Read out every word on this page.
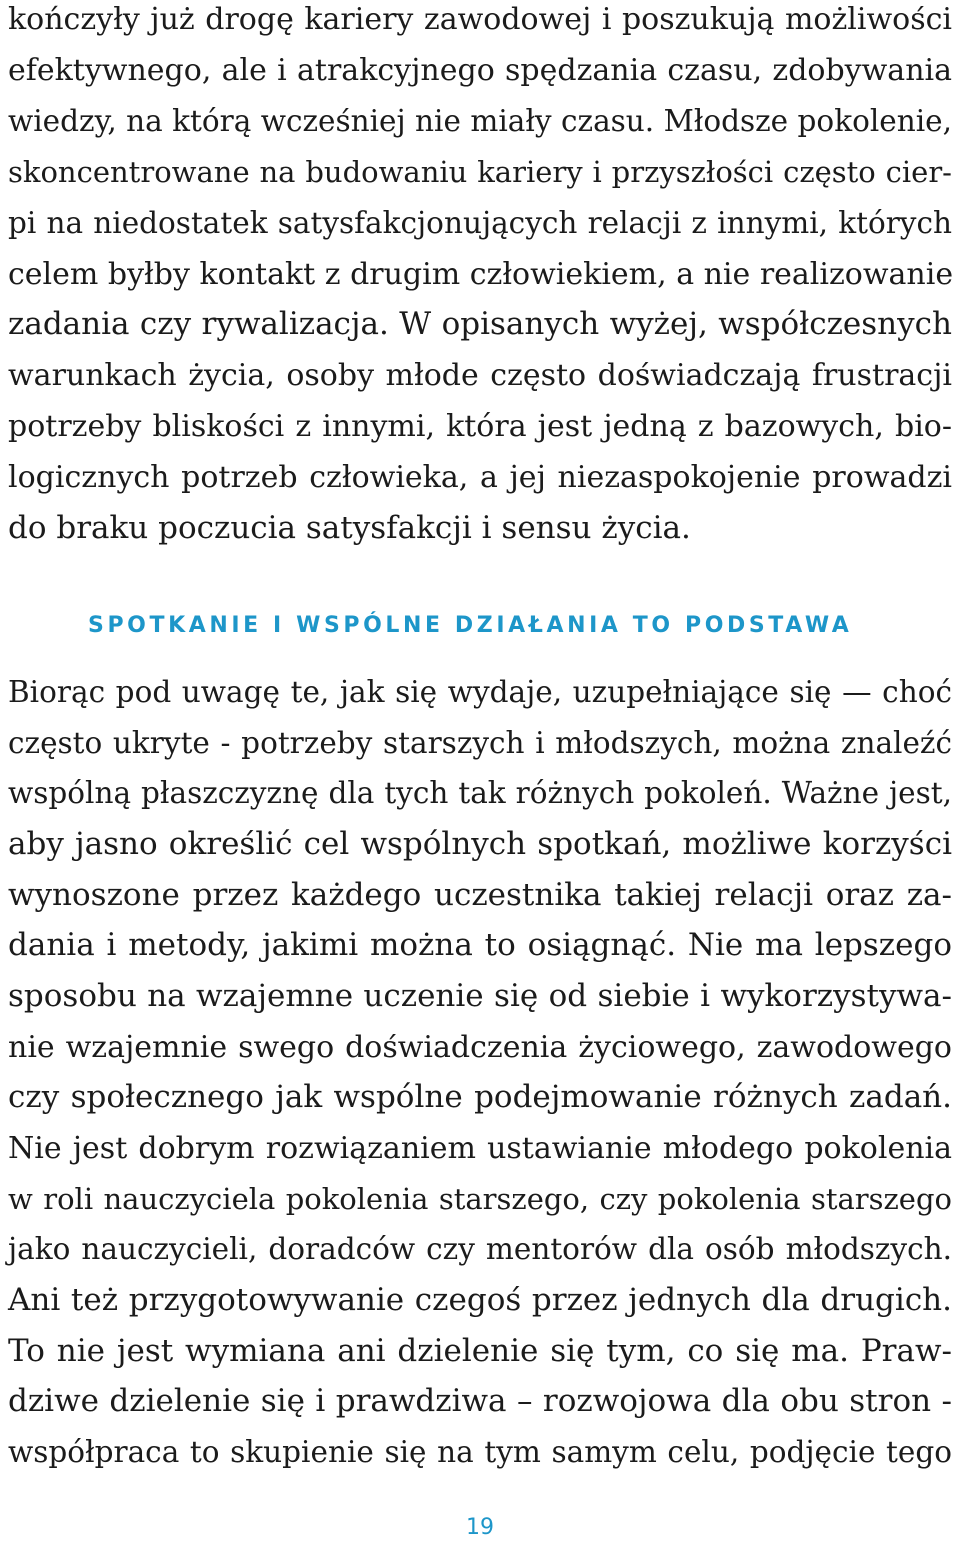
kończyły już drogę kariery zawodowej i poszukują możliwości
efektywnego, ale i atrakcyjnego spędzania czasu, zdobywania
wiedzy, na którą wcześniej nie miały czasu. Młodsze pokolenie,
skoncentrowane na budowaniu kariery i przyszłości często cier-
pi na niedostatek satysfakcjonujących relacji z innymi, których
celem byłby kontakt z drugim człowiekiem, a nie realizowanie
zadania czy rywalizacja. W opisanych wyżej, współczesnych
warunkach życia, osoby młode często doświadczają frustracji
potrzeby bliskości z innymi, która jest jedną z bazowych, bio-
logicznych potrzeb człowieka, a jej niezaspokojenie prowadzi
do braku poczucia satysfakcji i sensu życia.
SPOTKANIE I WSPÓLNE DZIAŁANIA TO PODSTAWA
Biorąc pod uwagę te, jak się wydaje, uzupełniające się — choć
często ukryte - potrzeby starszych i młodszych, można znaleźć
wspólną płaszczyznę dla tych tak różnych pokoleń. Ważne jest,
aby jasno określić cel wspólnych spotkań, możliwe korzyści
wynoszone przez każdego uczestnika takiej relacji oraz za-
dania i metody, jakimi można to osiągnąć. Nie ma lepszego
sposobu na wzajemne uczenie się od siebie i wykorzystywa-
nie wzajemnie swego doświadczenia życiowego, zawodowego
czy społecznego jak wspólne podejmowanie różnych zadań.
Nie jest dobrym rozwiązaniem ustawianie młodego pokolenia
w roli nauczyciela pokolenia starszego, czy pokolenia starszego
jako nauczycieli, doradców czy mentorów dla osób młodszych.
Ani też przygotowywanie czegoś przez jednych dla drugich.
To nie jest wymiana ani dzielenie się tym, co się ma. Praw-
dziwe dzielenie się i prawdziwa – rozwojowa dla obu stron -
współpraca to skupienie się na tym samym celu, podjęcie tego
19
